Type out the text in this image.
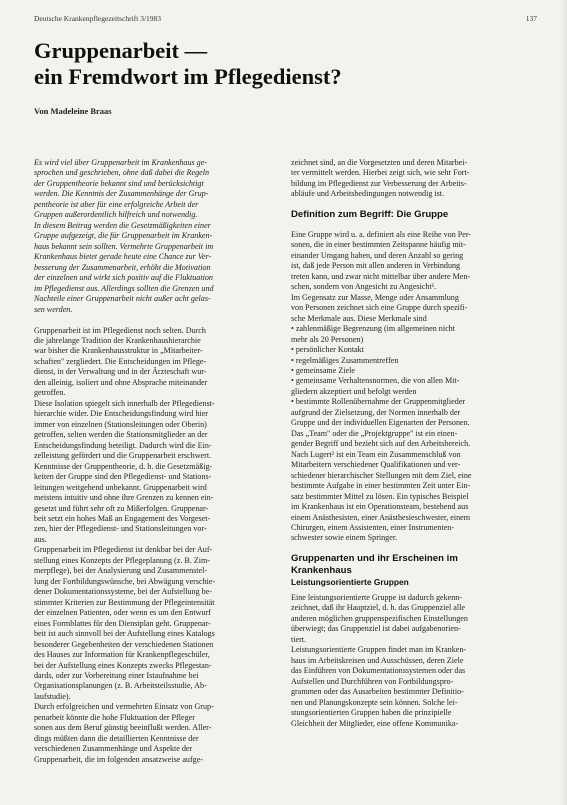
Deutsche Krankenpflegezeitschrift 3/1983	137
Gruppenarbeit —
ein Fremdwort im Pflegedienst?
Von Madeleine Braas
Es wird viel über Gruppenarbeit im Krankenhaus ge-
sprochen und geschrieben, ohne daß dabei die Regeln
der Gruppentheorie bekannt sind und berücksichtigt
werden. Die Kenntnis der Zusammenhänge der Grup-
pentheorie ist aber für eine erfolgreiche Arbeit der
Gruppen außerordentlich hilfreich und notwendig.
In diesem Beitrag werden die Gesetzmäßigkeiten einer
Gruppe aufgezeigt, die für Gruppenarbeit im Kranken-
haus bekannt sein sollten. Vermehrte Gruppenarbeit im
Krankenhaus bietet gerade heute eine Chance zur Ver-
besserung der Zusammenarbeit, erhöht die Motivation
der einzelnen und wirkt sich positiv auf die Fluktuation
im Pflegedienst aus. Allerdings sollten die Grenzen und
Nachteile einer Gruppenarbeit nicht außer acht gelas-
sen werden.
Gruppenarbeit ist im Pflegedienst noch selten. Durch
die jahrelange Tradition der Krankenhaushierarchie
war bisher die Krankenhausstruktur in „Mitarbeiter-
schaften" zergliedert. Die Entscheidungen im Pflege-
dienst, in der Verwaltung und in der Ärzteschaft wur-
den alleinig, isoliert und ohne Absprache miteinander
getroffen.
Diese Isolation spiegelt sich innerhalb der Pflegedienst-
hierarchie wider. Die Entscheidungsfindung wird hier
immer von einzelnen (Stationsleitungen oder Oberin)
getroffen, selten werden die Stationsmitglieder an der
Entscheidungsfindung beteiligt. Dadurch wird die Ein-
zelleistung gefördert und die Gruppenarbeit erschwert.
Kenntnisse der Gruppentheorie, d. h. die Gesetzmäßig-
keiten der Gruppe sind den Pflegedienst- und Stations-
leitungen weitgehend unbekannt. Gruppenarbeit wird
meistens intuitiv und ohne ihre Grenzen zu kennen ein-
gesetzt und führt sehr oft zu Mißerfolgen. Gruppenar-
beit setzt ein hohes Maß an Engagement des Vorgeset-
zen, hier der Pflegedienst- und Stationsleitungen vor-
aus.
Gruppenarbeit im Pflegedienst ist denkbar bei der Auf-
stellung eines Konzepts der Pflegeplanung (z. B. Zim-
merpflege), bei der Analysierung und Zusammenstel-
lung der Fortbildungswünsche, bei Abwägung verschie-
dener Dokumentationssysteme, bei der Aufstellung be-
stimmter Kriterien zur Bestimmung der Pflegeintensität
der einzelnen Patienten, oder wenn es um den Entwurf
eines Formblattes für den Dienstplan geht. Gruppenar-
beit ist auch sinnvoll bei der Aufstellung eines Katalogs
besonderer Gegebenheiten der verschiedenen Stationen
des Hauses zur Information für Krankenpflegeschüler,
bei der Aufstellung eines Konzepts zwecks Pflegestan-
dards, oder zur Vorbereitung einer Istaufnahme bei
Organisationsplanungen (z. B. Arbeitsteilsstudie, Ab-
laufstudie).
Durch erfolgreichen und vermehrten Einsatz von Grup-
penarbeit könnte die hohe Fluktuation der Pfleger
sonen aus dem Beruf günstig beeinflußt werden. Aller-
dings müßten dann die detaillierten Kenntnisse der
verschiedenen Zusammenhänge und Aspekte der
Gruppenarbeit, die im folgenden ansatzweise aufge-
zeichnet sind, an die Vorgesetzten und deren Mitarbei-
ter vermittelt werden. Hierbei zeigt sich, wie sehr Fort-
bildung im Pflegedienst zur Verbesserung der Arbeits-
abläufe und Arbeitsbedingungen notwendig ist.
Definition zum Begriff: Die Gruppe
Eine Gruppe wird u. a. definiert als eine Reihe von Per-
sonen, die in einer bestimmten Zeitspanne häufig mit-
einander Umgang haben, und deren Anzahl so gering
ist, daß jede Person mit allen anderen in Verbindung
treten kann, und zwar nicht mittelbar über andere Men-
schen, sondern von Angesicht zu Angesicht¹.
Im Gegensatz zur Masse, Menge oder Ansammlung
von Personen zeichnet sich eine Gruppe durch spezifi-
sche Merkmale aus. Diese Merkmale sind
• zahlenmäßige Begrenzung (im allgemeinen nicht
mehr als 20 Personen)
• persönlicher Kontakt
• regelmäßiges Zusammentreffen
• gemeinsame Ziele
• gemeinsame Verhaltensnormen, die von allen Mit-
gliedern akzeptiert und befolgt werden
• bestimmte Rollenübernahme der Gruppenmitglieder
aufgrund der Zielsetzung, der Normen innerhalb der
Gruppe und der individuellen Eigenarten der Personen.
Das „Team" oder die „Projektgruppe" ist ein einen-
gender Begriff und bezieht sich auf den Arbeitsbereich.
Nach Lugert² ist ein Team ein Zusammenschluß von
Mitarbeitern verschiedener Qualifikationen und ver-
schiedener hierarchischer Stellungen mit dem Ziel, eine
bestimmte Aufgabe in einer bestimmten Zeit unter Ein-
satz bestimmter Mittel zu lösen. Ein typisches Beispiel
im Krankenhaus ist ein Operationsteam, bestehend aus
einem Anästhesisten, einer Anästhesieschwester, einem
Chirurgen, einem Assistenten, einer Instrumenten-
schwester sowie einem Springer.
Gruppenarten und ihr Erscheinen im
Krankenhaus
Leistungsorientierte Gruppen
Eine leistungsorientierte Gruppe ist dadurch gekenn-
zeichnet, daß ihr Hauptziel, d. h. das Gruppenziel alle
anderen möglichen gruppenspezifischen Einstellungen
überwiegt; das Gruppenziel ist dabei aufgabenorien-
tiert.
Leistungsorientierte Gruppen findet man im Kranken-
haus im Arbeitskreisen und Ausschüssen, deren Ziele
das Einführen von Dokumentationssystemen oder das
Aufstellen und Durchführen von Fortbildungspro-
grammen oder das Ausarbeiten bestimmter Definitio-
nen und Planungskonzepte sein können. Solche lei-
stungsorientierten Gruppen haben die prinzipielle
Gleichheit der Mitglieder, eine offene Kommunika-
